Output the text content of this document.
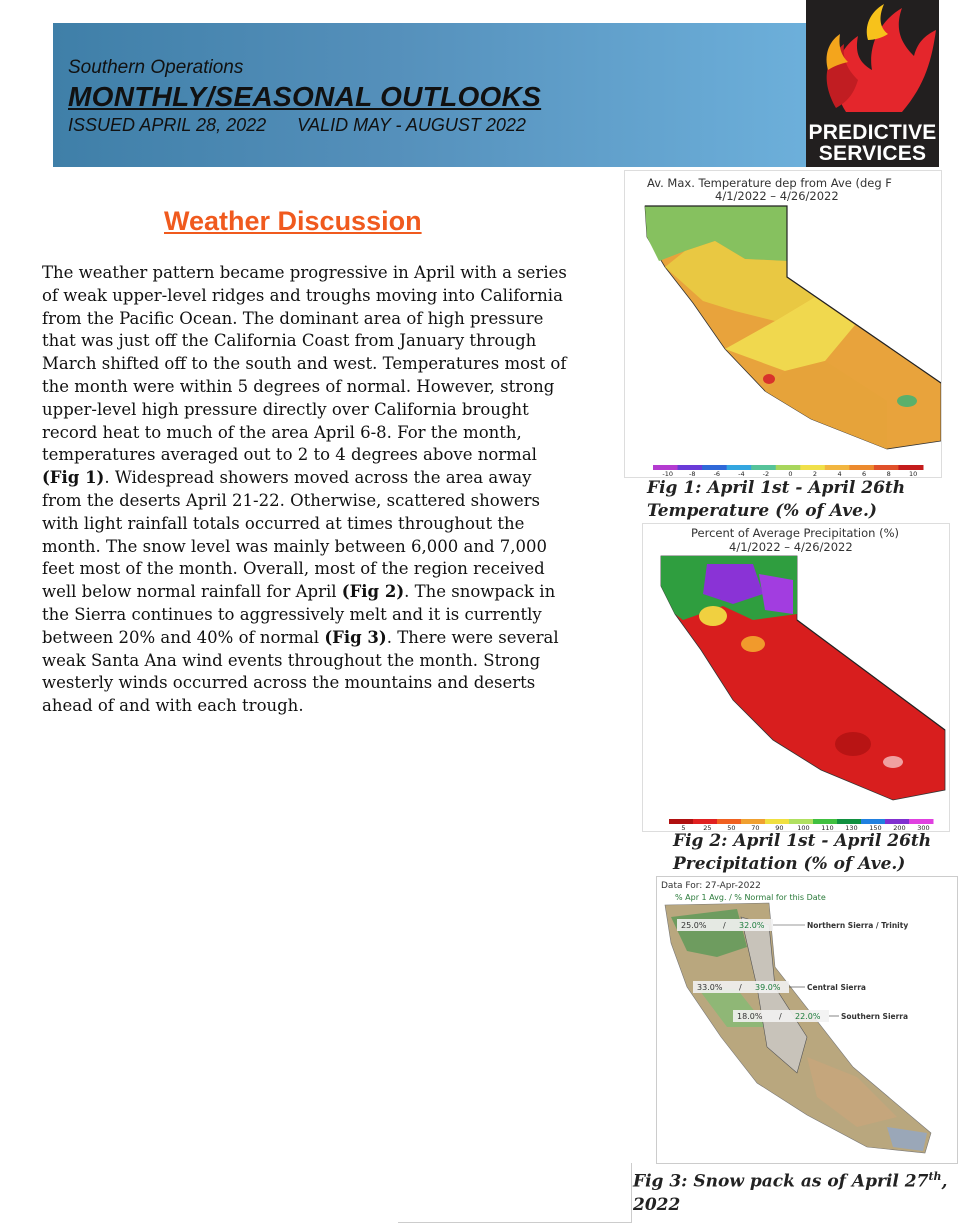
Southern Operations
MONTHLY/SEASONAL OUTLOOKS
ISSUED APRIL 28, 2022 VALID MAY - AUGUST 2022	PREDICTIVE
SERVICES
Weather Discussion
The weather pattern became progressive in April with a series
of weak upper-level ridges and troughs moving into California
from the Pacific Ocean. The dominant area of high pressure
that was just off the California Coast from January through
March shifted off to the south and west. Temperatures most of
the month were within 5 degrees of normal. However, strong
upper-level high pressure directly over California brought
record heat to much of the area April 6-8. For the month,
temperatures averaged out to 2 to 4 degrees above normal
(Fig 1). Widespread showers moved across the area away
from the deserts April 21-22. Otherwise, scattered showers
with light rainfall totals occurred at times throughout the
month. The snow level was mainly between 6,000 and 7,000
feet most of the month. Overall, most of the region received
well below normal rainfall for April (Fig 2). The snowpack in
the Sierra continues to aggressively melt and it is currently
between 20% and 40% of normal (Fig 3). There were several
weak Santa Ana wind events throughout the month. Strong
westerly winds occurred across the mountains and deserts
ahead of and with each trough.
Av. Max. Temperature dep from Ave (deg F
4/1/2022 – 4/26/2022
-10 -8	-6	-4	-2	0	2	4	6	8	10
Fig 1: April 1st - April 26th
Temperature (% of Ave.)
Percent of Average Precipitation (%)
4/1/2022 – 4/26/2022
5	25 50 70 90 100 110 130 150 200 300
Fig 2: April 1st - April 26th
Precipitation (% of Ave.)
Data For: 27-Apr-2022
% Apr 1 Avg. / % Normal for this Date
25.0% / 32.0%	Northern Sierra / Trinity
33.0% / 39.0%	Central Sierra
18.0% / 22.0%	Southern Sierra
Fig 3: Snow pack as of April 27th,
2022
